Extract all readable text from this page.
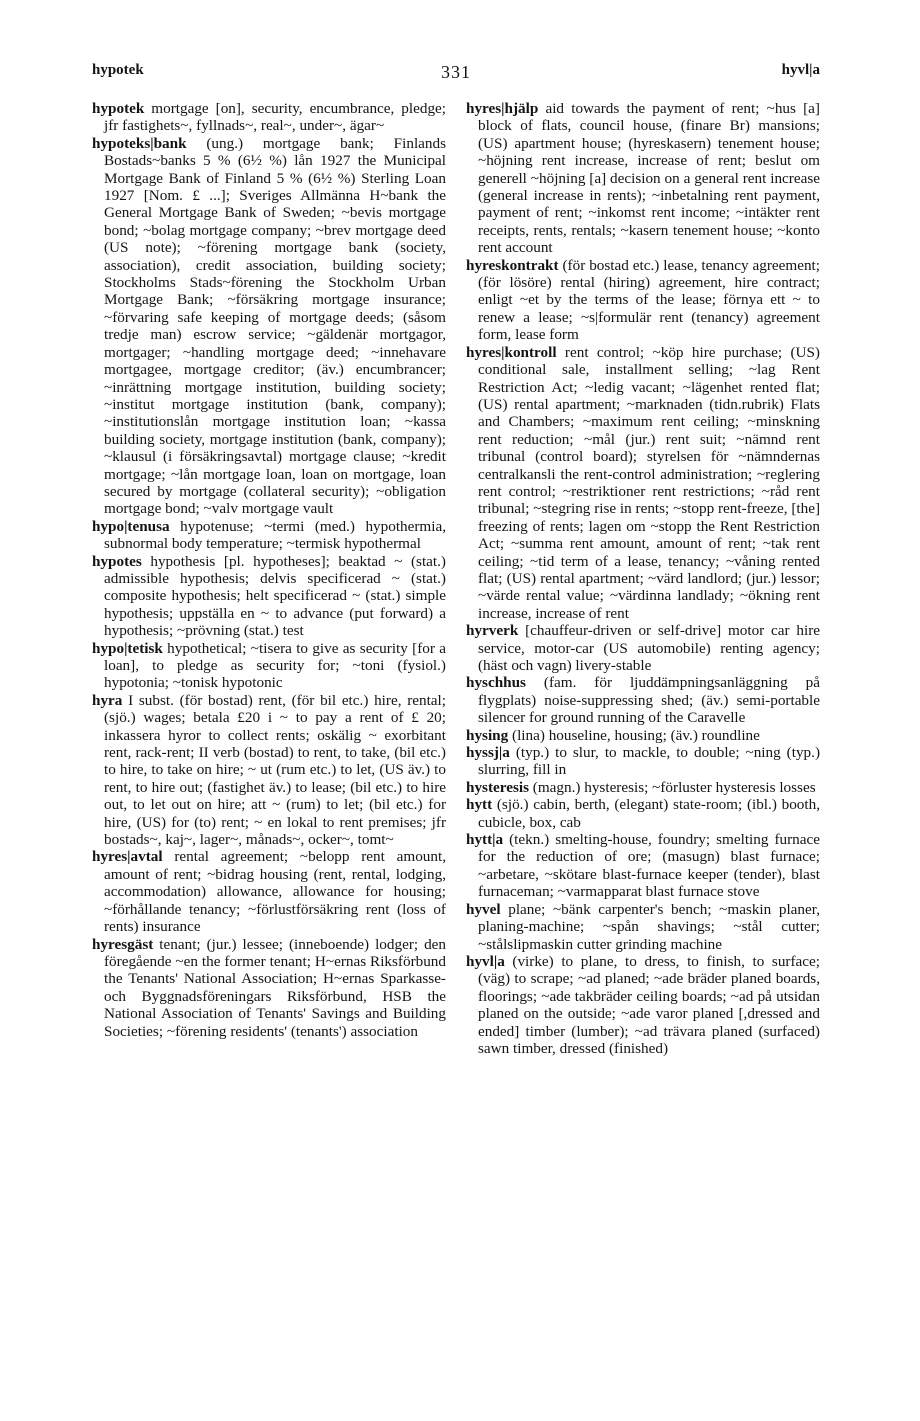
hypotek	331	hyvl|a

hypotek mortgage [on], security, encumbrance, pledge; jfr fastighets~, fyllnads~, real~, under~, ägar~

hypoteks|bank (ung.) mortgage bank; Finlands Bostads~banks 5 % (6½ %) lån 1927 the Municipal Mortgage Bank of Finland 5 % (6½ %) Sterling Loan 1927 [Nom. £ ...]; Sveriges Allmänna H~bank the General Mortgage Bank of Sweden; ~bevis mortgage bond; ~bolag mortgage company; ~brev mortgage deed (US note); ~förening mortgage bank (society, association), credit association, building society; Stockholms Stads~förening the Stockholm Urban Mortgage Bank; ~försäkring mortgage insurance; ~förvaring safe keeping of mortgage deeds; (såsom tredje man) escrow service; ~gäldenär mortgagor, mortgager; ~handling mortgage deed; ~innehavare mortgagee, mortgage creditor; (äv.) encumbrancer; ~inrättning mortgage institution, building society; ~institut mortgage institution (bank, company); ~institutionslån mortgage institution loan; ~kassa building society, mortgage institution (bank, company); ~klausul (i försäkringsavtal) mortgage clause; ~kredit mortgage; ~lån mortgage loan, loan on mortgage, loan secured by mortgage (collateral security); ~obligation mortgage bond; ~valv mortgage vault

hypo|tenusa hypotenuse; ~termi (med.) hypothermia, subnormal body temperature; ~termisk hypothermal

hypotes hypothesis [pl. hypotheses]; beaktad ~ (stat.) admissible hypothesis; delvis specificerad ~ (stat.) composite hypothesis; helt specificerad ~ (stat.) simple hypothesis; uppställa en ~ to advance (put forward) a hypothesis; ~prövning (stat.) test

hypo|tetisk hypothetical; ~tisera to give as security [for a loan], to pledge as security for; ~toni (fysiol.) hypotonia; ~tonisk hypotonic

hyra I subst. (för bostad) rent, (för bil etc.) hire, rental; (sjö.) wages; betala £20 i ~ to pay a rent of £ 20; inkassera hyror to collect rents; oskälig ~ exorbitant rent, rack-rent; II verb (bostad) to rent, to take, (bil etc.) to hire, to take on hire; ~ ut (rum etc.) to let, (US äv.) to rent, to hire out; (fastighet äv.) to lease; (bil etc.) to hire out, to let out on hire; att ~ (rum) to let; (bil etc.) for hire, (US) for (to) rent; ~ en lokal to rent premises; jfr bostads~, kaj~, lager~, månads~, ocker~, tomt~

hyres|avtal rental agreement; ~belopp rent amount, amount of rent; ~bidrag housing (rent, rental, lodging, accommodation) allowance, allowance for housing; ~förhållande tenancy; ~förlustförsäkring rent (loss of rents) insurance

hyresgäst tenant; (jur.) lessee; (inneboende) lodger; den föregående ~en the former tenant; H~ernas Riksförbund the Tenants' National Association; H~ernas Sparkasse- och Byggnadsföreningars Riksförbund, HSB the National Association of Tenants' Savings and Building Societies; ~förening residents' (tenants') association

hyres|hjälp aid towards the payment of rent; ~hus [a] block of flats, council house, (finare Br) mansions; (US) apartment house; (hyreskasern) tenement house; ~höjning rent increase, increase of rent; beslut om generell ~höjning [a] decision on a general rent increase (general increase in rents); ~inbetalning rent payment, payment of rent; ~inkomst rent income; ~intäkter rent receipts, rents, rentals; ~kasern tenement house; ~konto rent account

hyreskontrakt (för bostad etc.) lease, tenancy agreement; (för lösöre) rental (hiring) agreement, hire contract; enligt ~et by the terms of the lease; förnya ett ~ to renew a lease; ~s|formulär rent (tenancy) agreement form, lease form

hyres|kontroll rent control; ~köp hire purchase; (US) conditional sale, installment selling; ~lag Rent Restriction Act; ~ledig vacant; ~lägenhet rented flat; (US) rental apartment; ~marknaden (tidn.rubrik) Flats and Chambers; ~maximum rent ceiling; ~minskning rent reduction; ~mål (jur.) rent suit; ~nämnd rent tribunal (control board); styrelsen för ~nämndernas centralkansli the rent-control administration; ~reglering rent control; ~restriktioner rent restrictions; ~råd rent tribunal; ~stegring rise in rents; ~stopp rent-freeze, [the] freezing of rents; lagen om ~stopp the Rent Restriction Act; ~summa rent amount, amount of rent; ~tak rent ceiling; ~tid term of a lease, tenancy; ~våning rented flat; (US) rental apartment; ~värd landlord; (jur.) lessor; ~värde rental value; ~värdinna landlady; ~ökning rent increase, increase of rent

hyrverk [chauffeur-driven or self-drive] motor car hire service, motor-car (US automobile) renting agency; (häst och vagn) livery-stable

hyschhus (fam. för ljuddämpningsanläggning på flygplats) noise-suppressing shed; (äv.) semi-portable silencer for ground running of the Caravelle

hysing (lina) houseline, housing; (äv.) roundline

hyssj|a (typ.) to slur, to mackle, to double; ~ning (typ.) slurring, fill in

hysteresis (magn.) hysteresis; ~förluster hysteresis losses

hytt (sjö.) cabin, berth, (elegant) state-room; (ibl.) booth, cubicle, box, cab

hytt|a (tekn.) smelting-house, foundry; smelting furnace for the reduction of ore; (masugn) blast furnace; ~arbetare, ~skötare blast-furnace keeper (tender), blast furnaceman; ~varmapparat blast furnace stove

hyvel plane; ~bänk carpenter's bench; ~maskin planer, planing-machine; ~spån shavings; ~stål cutter; ~stålslipmaskin cutter grinding machine

hyvl|a (virke) to plane, to dress, to finish, to surface; (väg) to scrape; ~ad planed; ~ade bräder planed boards, floorings; ~ade takbräder ceiling boards; ~ad på utsidan planed on the outside; ~ade varor planed [,dressed and ended] timber (lumber); ~ad trävara planed (surfaced) sawn timber, dressed (finished)
